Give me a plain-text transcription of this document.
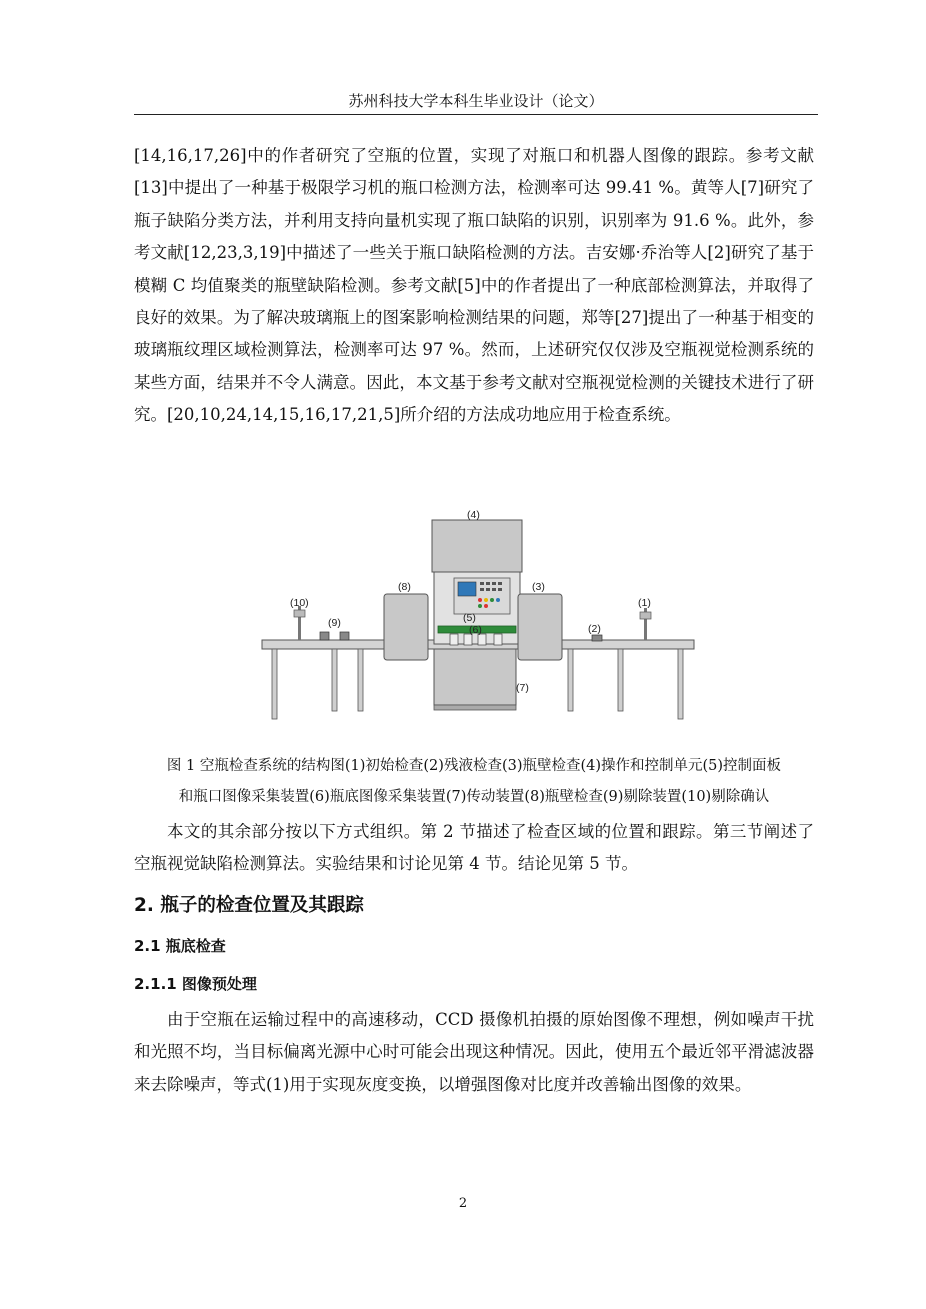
苏州科技大学本科生毕业设计（论文）

[14,16,17,26]中的作者研究了空瓶的位置，实现了对瓶口和机器人图像的跟踪。参考文献[13]中提出了一种基于极限学习机的瓶口检测方法，检测率可达 99.41 %。黄等人[7]研究了瓶子缺陷分类方法，并利用支持向量机实现了瓶口缺陷的识别，识别率为 91.6 %。此外，参考文献[12,23,3,19]中描述了一些关于瓶口缺陷检测的方法。吉安娜·乔治等人[2]研究了基于模糊 C 均值聚类的瓶壁缺陷检测。参考文献[5]中的作者提出了一种底部检测算法，并取得了良好的效果。为了解决玻璃瓶上的图案影响检测结果的问题，郑等[27]提出了一种基于相变的玻璃瓶纹理区域检测算法，检测率可达 97 %。然而，上述研究仅仅涉及空瓶视觉检测系统的某些方面，结果并不令人满意。因此，本文基于参考文献对空瓶视觉检测的关键技术进行了研究。[20,10,24,14,15,16,17,21,5]所介绍的方法成功地应用于检查系统。

(4)
(8)	(3)
(10)
(9)	(5)
(6)	(2)
(1)
(7)
图 1 空瓶检查系统的结构图(1)初始检查(2)残液检查(3)瓶壁检查(4)操作和控制单元(5)控制面板
和瓶口图像采集装置(6)瓶底图像采集装置(7)传动装置(8)瓶壁检查(9)剔除装置(10)剔除确认

本文的其余部分按以下方式组织。第 2 节描述了检查区域的位置和跟踪。第三节阐述了空瓶视觉缺陷检测算法。实验结果和讨论见第 4 节。结论见第 5 节。

2. 瓶子的检查位置及其跟踪
2.1 瓶底检查
2.1.1 图像预处理

由于空瓶在运输过程中的高速移动，CCD 摄像机拍摄的原始图像不理想，例如噪声干扰和光照不均，当目标偏离光源中心时可能会出现这种情况。因此，使用五个最近邻平滑滤波器来去除噪声，等式(1)用于实现灰度变换，以增强图像对比度并改善输出图像的效果。

2
